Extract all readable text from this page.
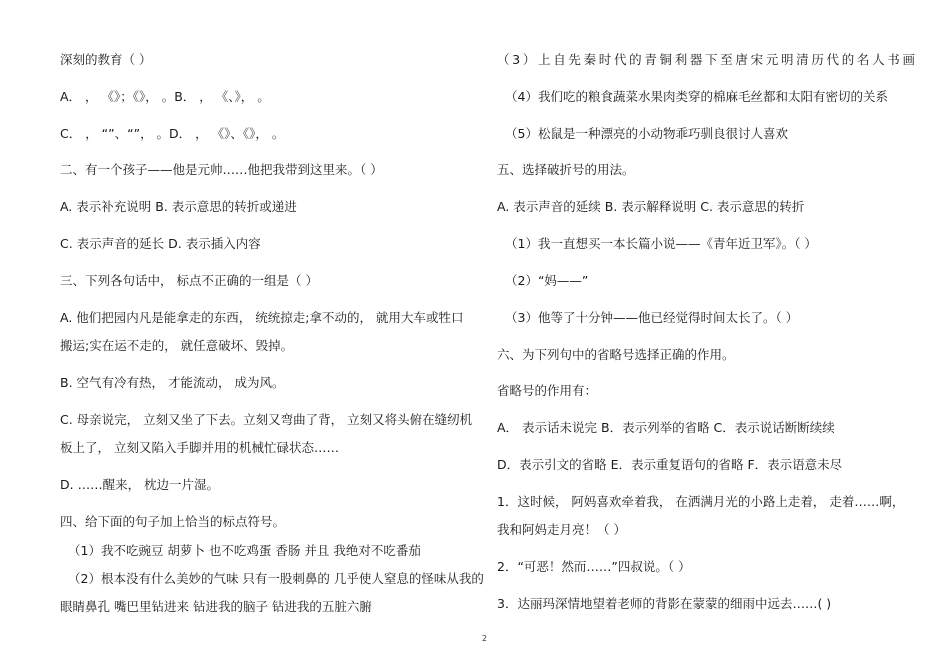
深刻的教育（ ）
A． ， 《》；《》， 。B． ， 《、》， 。
C． ， “”、“”， 。D． ， 《》、《》， 。
二、有一个孩子——他是元帅……他把我带到这里来。（ ）
A. 表示补充说明 B. 表示意思的转折或递进
C. 表示声音的延长 D. 表示插入内容
三、下列各句话中， 标点不正确的一组是（ ）
A. 他们把园内凡是能拿走的东西， 统统掠走;拿不动的， 就用大车或牲口
搬运;实在运不走的， 就任意破坏、毁掉。
B. 空气有冷有热， 才能流动， 成为风。
C. 母亲说完， 立刻又坐了下去。立刻又弯曲了背， 立刻又将头俯在缝纫机
板上了， 立刻又陷入手脚并用的机械忙碌状态……
D. ……醒来， 枕边一片湿。
四、给下面的句子加上恰当的标点符号。
（1）我不吃豌豆 胡萝卜 也不吃鸡蛋 香肠 并且 我绝对不吃番茄
（2）根本没有什么美妙的气味 只有一股刺鼻的 几乎使人窒息的怪味从我的
眼睛鼻孔 嘴巴里钻进来 钻进我的脑子 钻进我的五脏六腑
（3）上自先秦时代的青铜利器下至唐宋元明清历代的名人书画
（4）我们吃的粮食蔬菜水果肉类穿的棉麻毛丝都和太阳有密切的关系
（5）松鼠是一种漂亮的小动物乖巧驯良很讨人喜欢
五、选择破折号的用法。
A. 表示声音的延续 B. 表示解释说明 C. 表示意思的转折
（1）我一直想买一本长篇小说——《青年近卫军》。（ ）
（2）“妈——”
（3）他等了十分钟——他已经觉得时间太长了。（ ）
六、为下列句中的省略号选择正确的作用。
省略号的作用有：
A． 表示话未说完 B．表示列举的省略 C．表示说话断断续续
D．表示引文的省略 E．表示重复语句的省略 F．表示语意未尽
1．这时候， 阿妈喜欢牵着我， 在洒满月光的小路上走着， 走着……啊，
我和阿妈走月亮！（ ）
2．“可恶！然而……”四叔说。（ ）
3．达丽玛深情地望着老师的背影在蒙蒙的细雨中远去……( )
2
